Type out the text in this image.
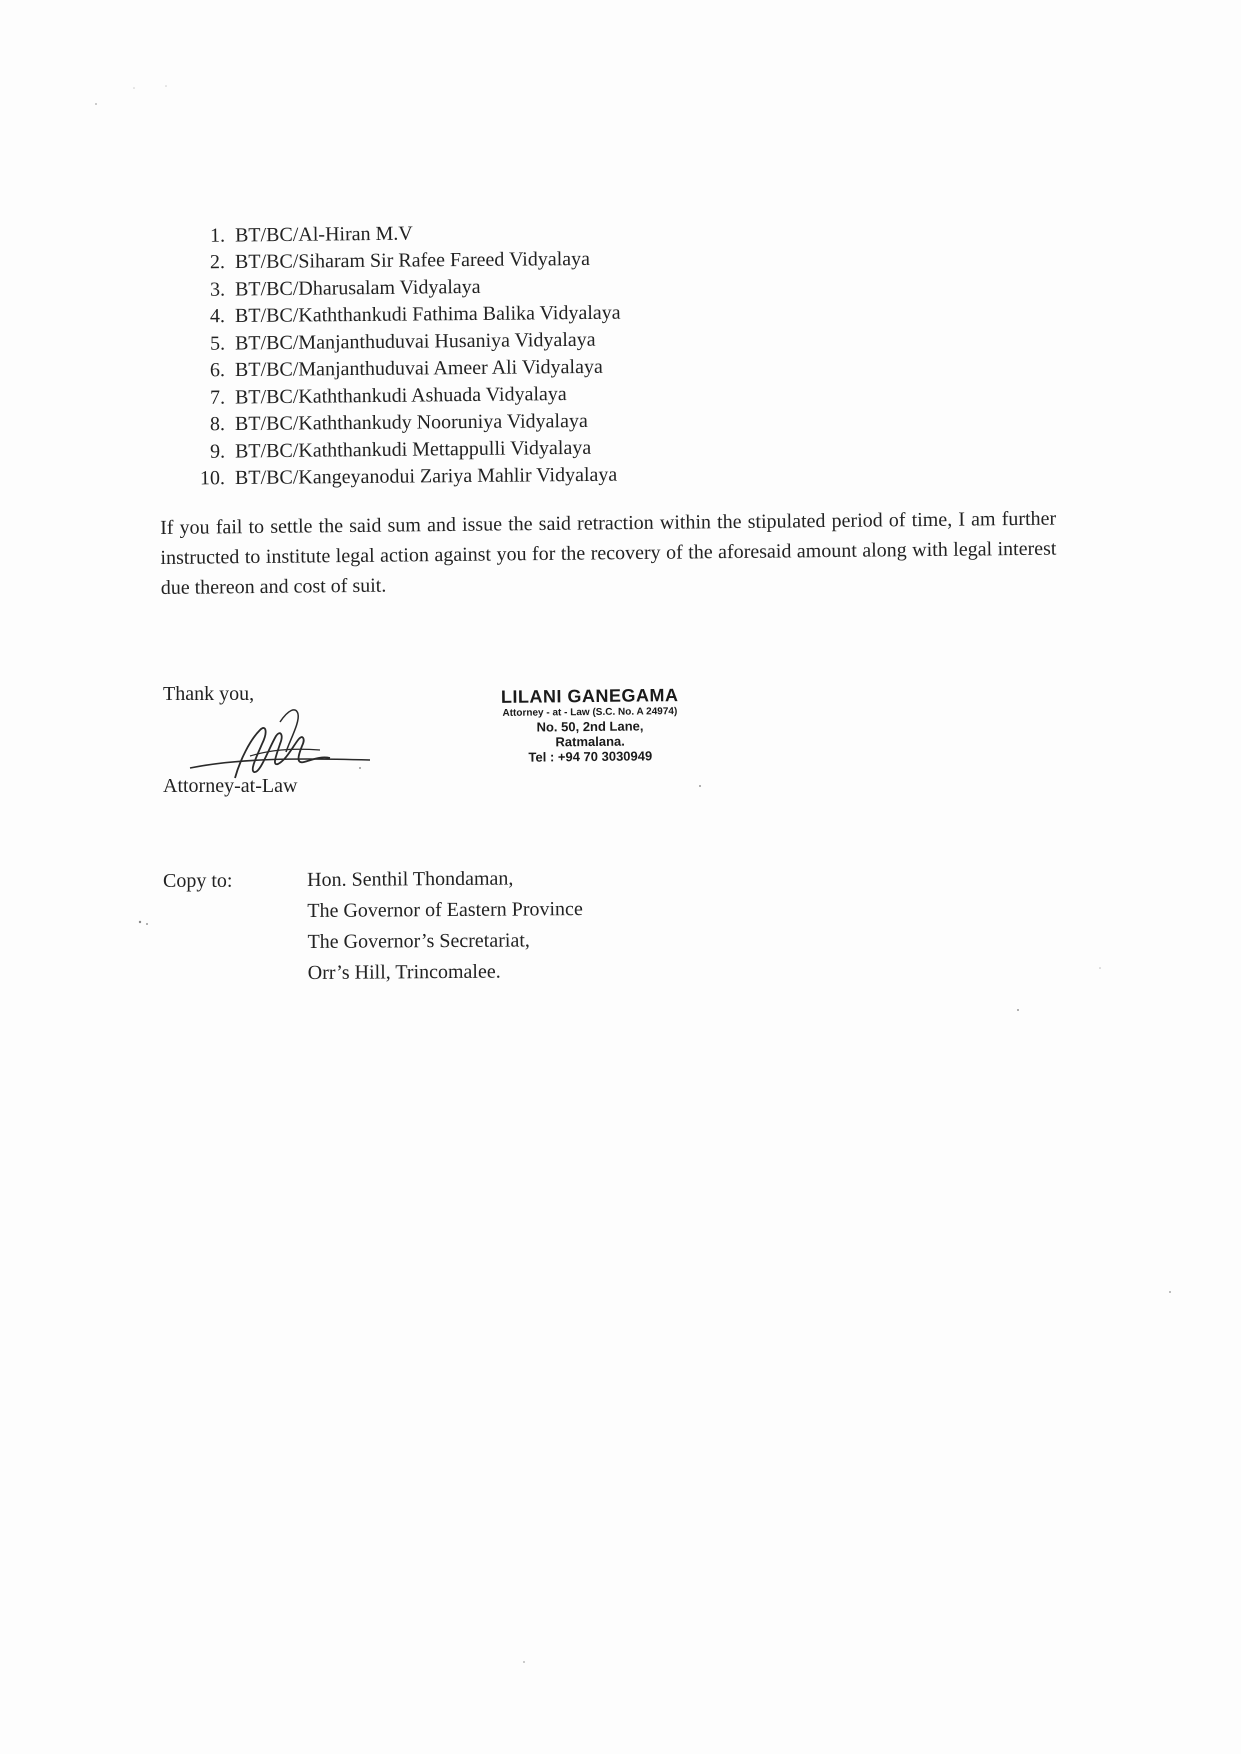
1. BT/BC/Al-Hiran M.V
2. BT/BC/Siharam Sir Rafee Fareed Vidyalaya
3. BT/BC/Dharusalam Vidyalaya
4. BT/BC/Kaththankudi Fathima Balika Vidyalaya
5. BT/BC/Manjanthuduvai Husaniya Vidyalaya
6. BT/BC/Manjanthuduvai Ameer Ali Vidyalaya
7. BT/BC/Kaththankudi Ashuada Vidyalaya
8. BT/BC/Kaththankudy Nooruniya Vidyalaya
9. BT/BC/Kaththankudi Mettappulli Vidyalaya
10. BT/BC/Kangeyanodui Zariya Mahlir Vidyalaya

If you fail to settle the said sum and issue the said retraction within the stipulated period of time, I am further instructed to institute legal action against you for the recovery of the aforesaid amount along with legal interest due thereon and cost of suit.

Thank you,

Attorney-at-Law

LILANI GANEGAMA
Attorney - at - Law (S.C. No. A 24974)
No. 50, 2nd Lane,
Ratmalana.
Tel : +94 70 3030949

Copy to:	Hon. Senthil Thondaman,
The Governor of Eastern Province
The Governor’s Secretariat,
Orr’s Hill, Trincomalee.
